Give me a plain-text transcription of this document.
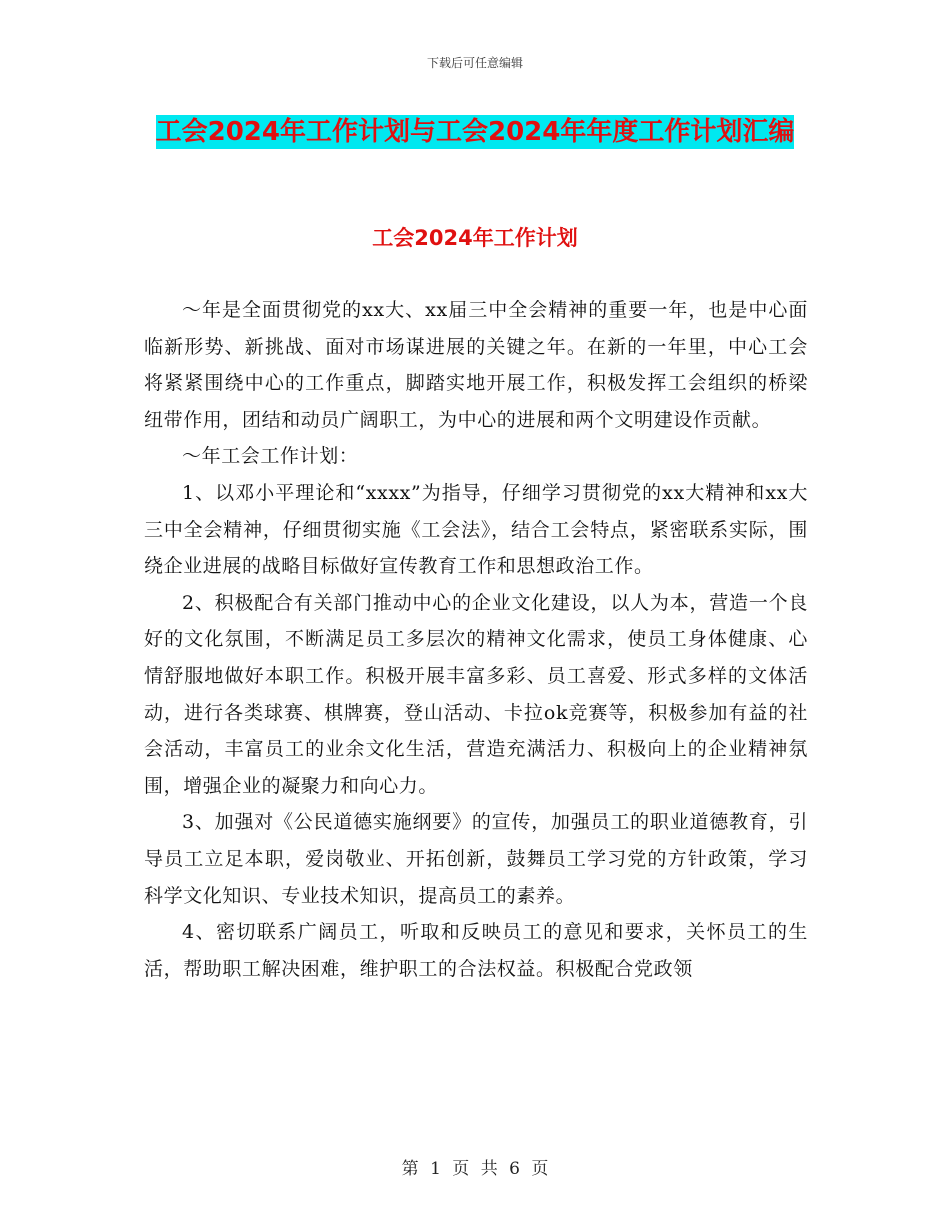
下载后可任意编辑
工会2024年工作计划与工会2024年年度工作计划汇编
工会2024年工作计划

～年是全面贯彻党的xx大、xx届三中全会精神的重要一年，也是中心面临新形势、新挑战、面对市场谋进展的关键之年。在新的一年里，中心工会将紧紧围绕中心的工作重点，脚踏实地开展工作，积极发挥工会组织的桥梁纽带作用，团结和动员广阔职工，为中心的进展和两个文明建设作贡献。

～年工会工作计划：

1、以邓小平理论和“xxxx”为指导，仔细学习贯彻党的xx大精神和xx大三中全会精神，仔细贯彻实施《工会法》，结合工会特点，紧密联系实际，围绕企业进展的战略目标做好宣传教育工作和思想政治工作。

2、积极配合有关部门推动中心的企业文化建设，以人为本，营造一个良好的文化氛围，不断满足员工多层次的精神文化需求，使员工身体健康、心情舒服地做好本职工作。积极开展丰富多彩、员工喜爱、形式多样的文体活动，进行各类球赛、棋牌赛，登山活动、卡拉ok竞赛等，积极参加有益的社会活动，丰富员工的业余文化生活，营造充满活力、积极向上的企业精神氛围，增强企业的凝聚力和向心力。

3、加强对《公民道德实施纲要》的宣传，加强员工的职业道德教育，引导员工立足本职，爱岗敬业、开拓创新，鼓舞员工学习党的方针政策，学习科学文化知识、专业技术知识，提高员工的素养。

4、密切联系广阔员工，听取和反映员工的意见和要求，关怀员工的生活，帮助职工解决困难，维护职工的合法权益。积极配合党政领

第 1 页 共 6 页
